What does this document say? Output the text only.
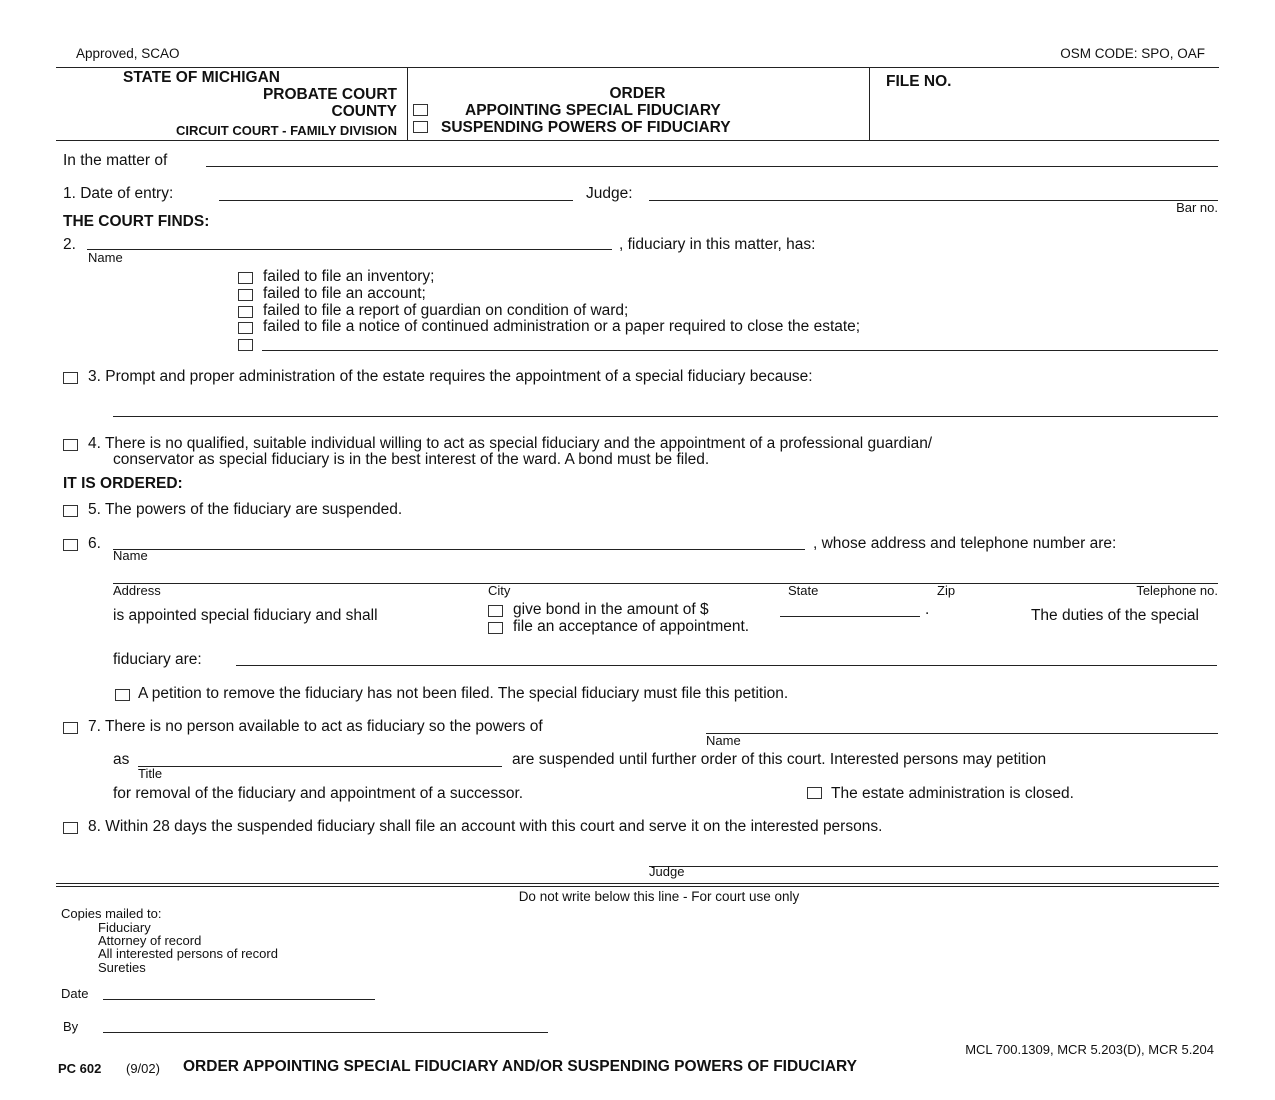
Approved, SCAO	OSM CODE: SPO, OAF
STATE OF MICHIGAN
PROBATE COURT
COUNTY
CIRCUIT COURT - FAMILY DIVISION
ORDER
APPOINTING SPECIAL FIDUCIARY
SUSPENDING POWERS OF FIDUCIARY
FILE NO.
In the matter of
1. Date of entry:	Judge:
Bar no.
THE COURT FINDS:
2.	, fiduciary in this matter, has:
Name
failed to file an inventory;
failed to file an account;
failed to file a report of guardian on condition of ward;
failed to file a notice of continued administration or a paper required to close the estate;
3. Prompt and proper administration of the estate requires the appointment of a special fiduciary because:
4. There is no qualified, suitable individual willing to act as special fiduciary and the appointment of a professional guardian/
conservator as special fiduciary is in the best interest of the ward. A bond must be filed.
IT IS ORDERED:
5. The powers of the fiduciary are suspended.
6.
Name
, whose address and telephone number are:
Address	City	State	Zip	Telephone no.
is appointed special fiduciary and shall	give bond in the amount of $	.
file an acceptance of appointment.
The duties of the special
fiduciary are:
A petition to remove the fiduciary has not been filed. The special fiduciary must file this petition.
7. There is no person available to act as fiduciary so the powers of
Name
as
Title
are suspended until further order of this court. Interested persons may petition
for removal of the fiduciary and appointment of a successor.	The estate administration is closed.
8. Within 28 days the suspended fiduciary shall file an account with this court and serve it on the interested persons.
Judge
Do not write below this line - For court use only
Copies mailed to:
Fiduciary
Attorney of record
All interested persons of record
Sureties
Date
By
MCL 700.1309, MCR 5.203(D), MCR 5.204
PC 602 (9/02) ORDER APPOINTING SPECIAL FIDUCIARY AND/OR SUSPENDING POWERS OF FIDUCIARY
